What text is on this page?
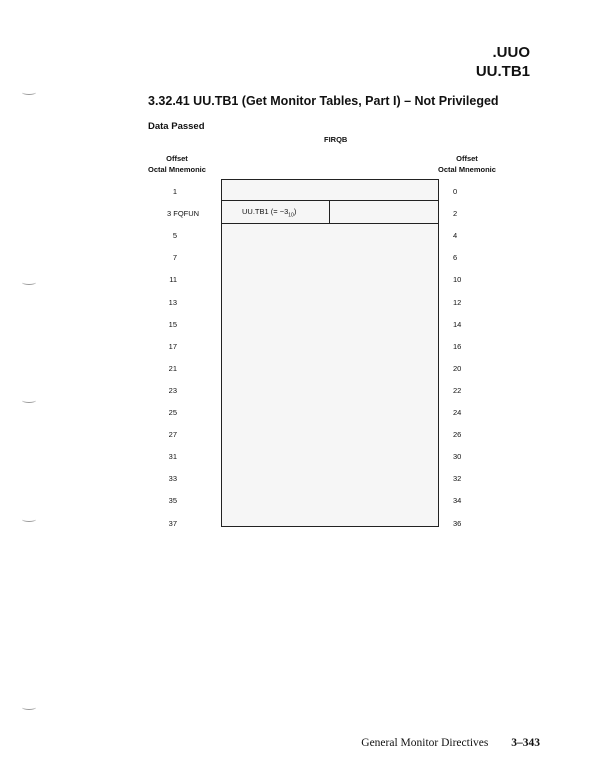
.UUO
UU.TB1
3.32.41 UU.TB1 (Get Monitor Tables, Part I) – Not Privileged
Data Passed
FIRQB
Offset
Octal Mnemonic
Offset
Octal Mnemonic
UU.TB1 (= $-3_{10}$)
1
3 FQFUN
5
7
11
13
15
17
21
23
25
27
31
33
35
37
0
2
4
6
10
12
14
16
20
22
24
26
30
32
34
36
General Monitor Directives 3–343
